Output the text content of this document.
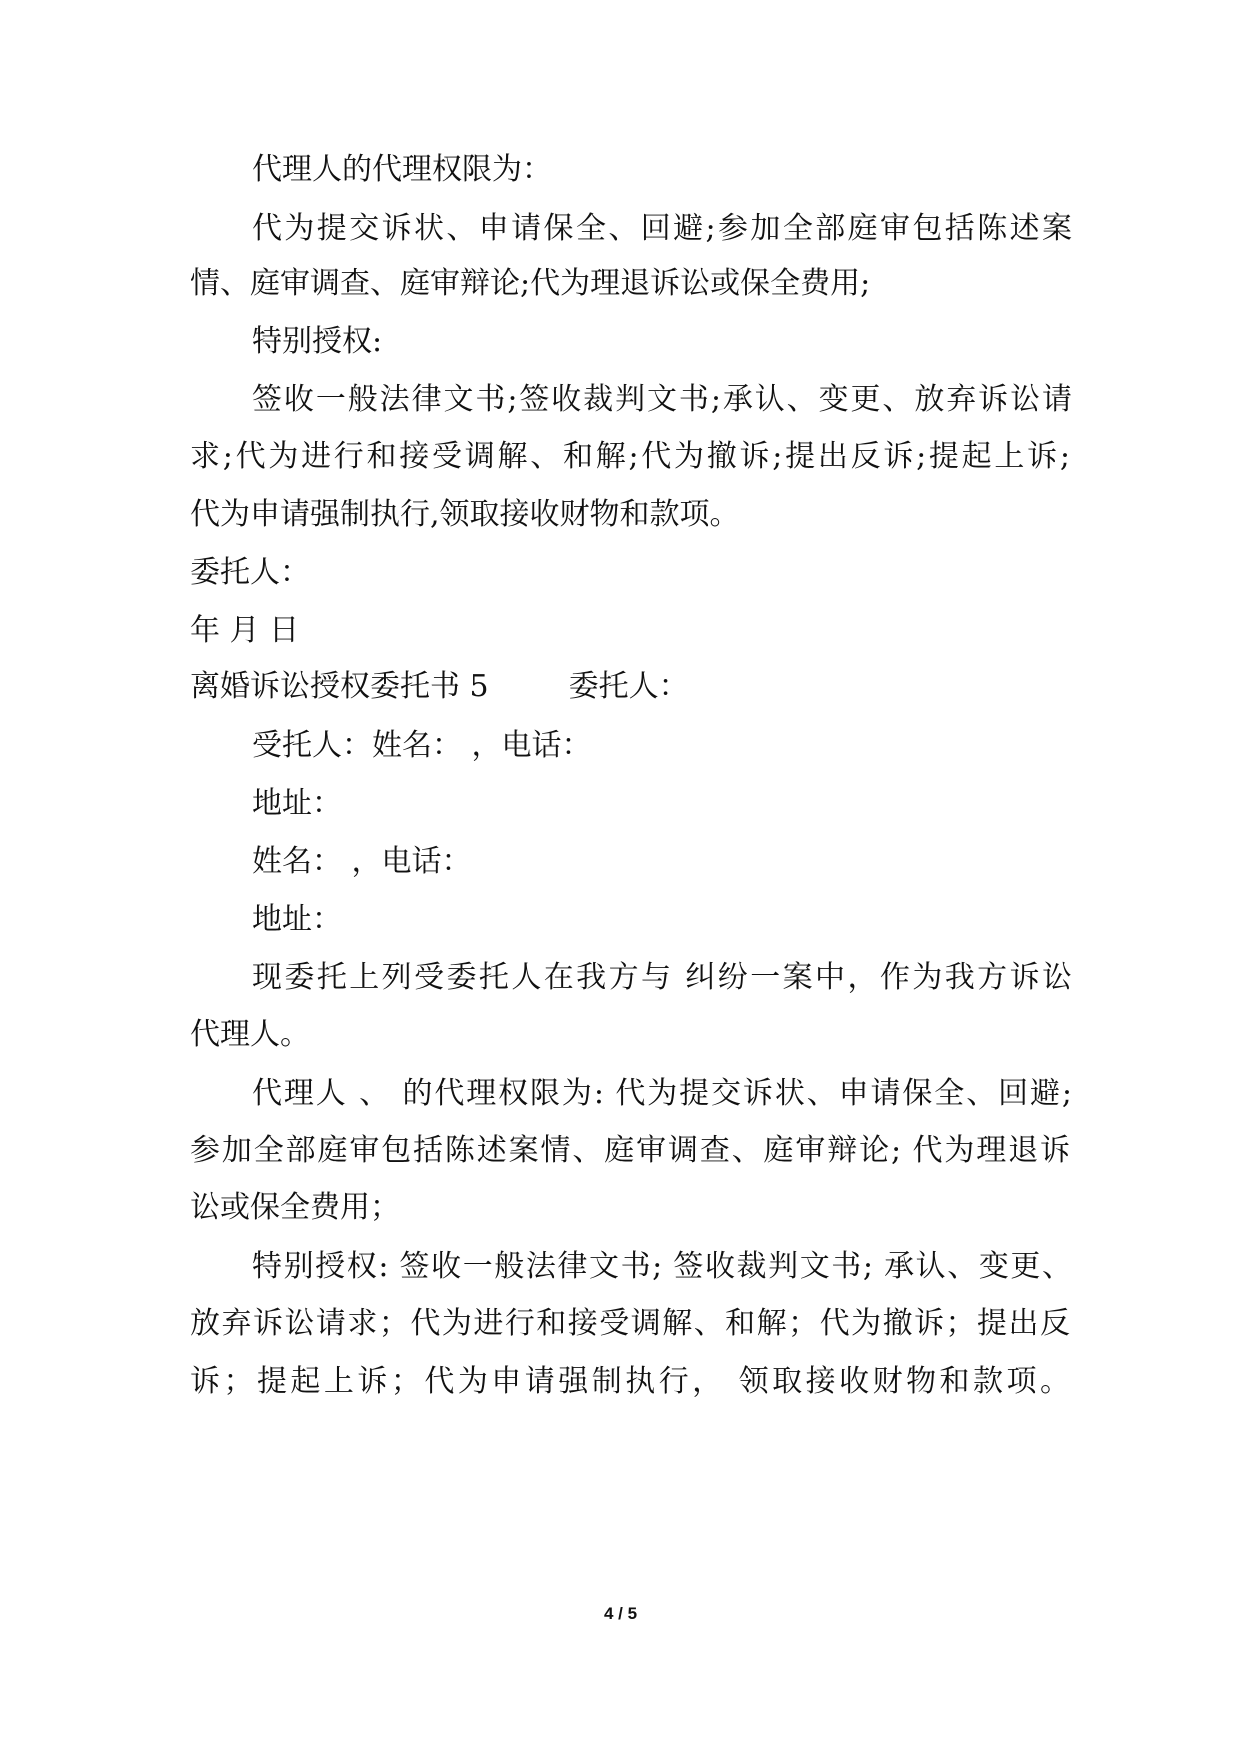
代理人的代理权限为：
代为提交诉状、申请保全、回避;参加全部庭审包括陈述案
情、庭审调查、庭审辩论;代为理退诉讼或保全费用;
特别授权:
签收一般法律文书;签收裁判文书;承认、变更、放弃诉讼请
求;代为进行和接受调解、和解;代为撤诉;提出反诉;提起上诉;
代为申请强制执行,领取接收财物和款项。
委托人：
年 月 日
离婚诉讼授权委托书 5	委托人：
受托人：姓名： ，电话：
地址：
姓名： ，电话：
地址：
现委托上列受委托人在我方与 纠纷一案中，作为我方诉讼
代理人。
代理人 、 的代理权限为: 代为提交诉状、申请保全、回避;
参加全部庭审包括陈述案情、庭审调查、庭审辩论; 代为理退诉
讼或保全费用；
特别授权: 签收一般法律文书; 签收裁判文书; 承认、变更、
放弃诉讼请求；代为进行和接受调解、和解；代为撤诉；提出反
诉；提起上诉；代为申请强制执行， 领取接收财物和款项。
4 / 5
